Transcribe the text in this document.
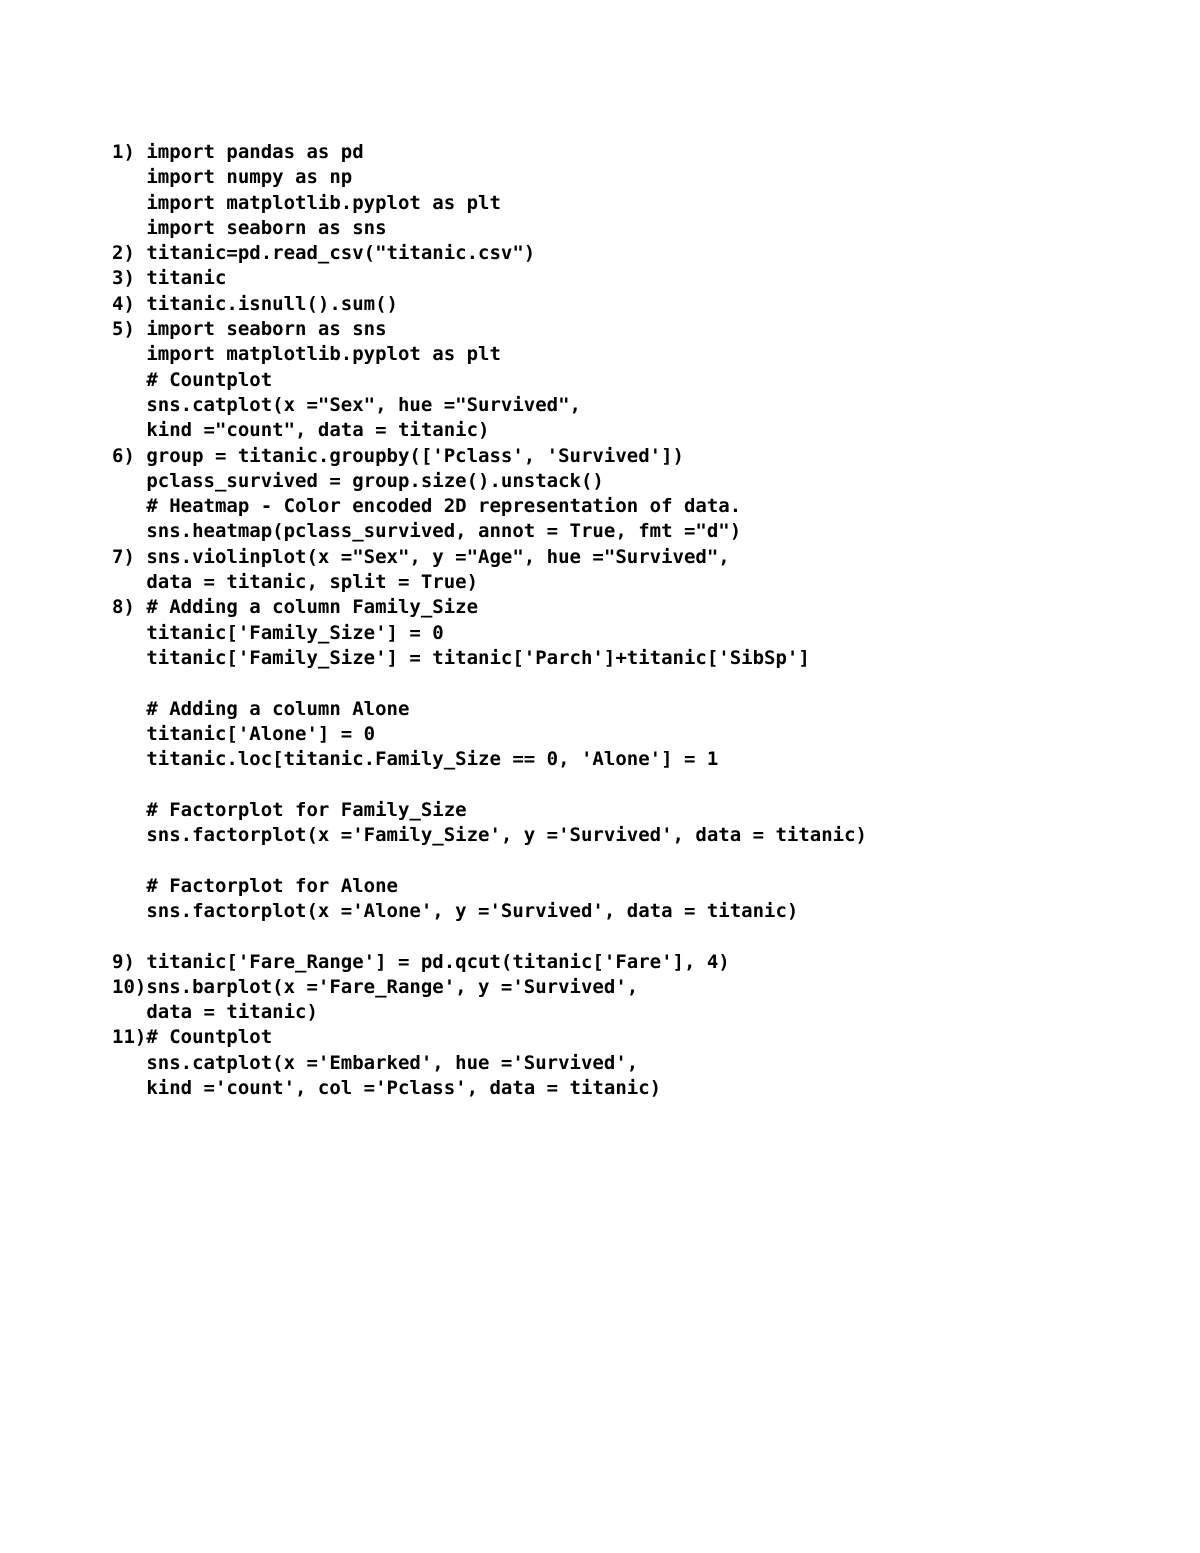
1) import pandas as pd
import numpy as np
import matplotlib.pyplot as plt
import seaborn as sns
2) titanic=pd.read_csv("titanic.csv")
3) titanic
4) titanic.isnull().sum()
5) import seaborn as sns
import matplotlib.pyplot as plt
# Countplot
sns.catplot(x ="Sex", hue ="Survived",
kind ="count", data = titanic)
6) group = titanic.groupby(['Pclass', 'Survived'])
pclass_survived = group.size().unstack()
# Heatmap - Color encoded 2D representation of data.
sns.heatmap(pclass_survived, annot = True, fmt ="d")
7) sns.violinplot(x ="Sex", y ="Age", hue ="Survived",
data = titanic, split = True)
8) # Adding a column Family_Size
titanic['Family_Size'] = 0
titanic['Family_Size'] = titanic['Parch']+titanic['SibSp']
# Adding a column Alone
titanic['Alone'] = 0
titanic.loc[titanic.Family_Size == 0, 'Alone'] = 1
# Factorplot for Family_Size
sns.factorplot(x ='Family_Size', y ='Survived', data = titanic)
# Factorplot for Alone
sns.factorplot(x ='Alone', y ='Survived', data = titanic)
9) titanic['Fare_Range'] = pd.qcut(titanic['Fare'], 4)
10)sns.barplot(x ='Fare_Range', y ='Survived',
data = titanic)
11)# Countplot
sns.catplot(x ='Embarked', hue ='Survived',
kind ='count', col ='Pclass', data = titanic)
